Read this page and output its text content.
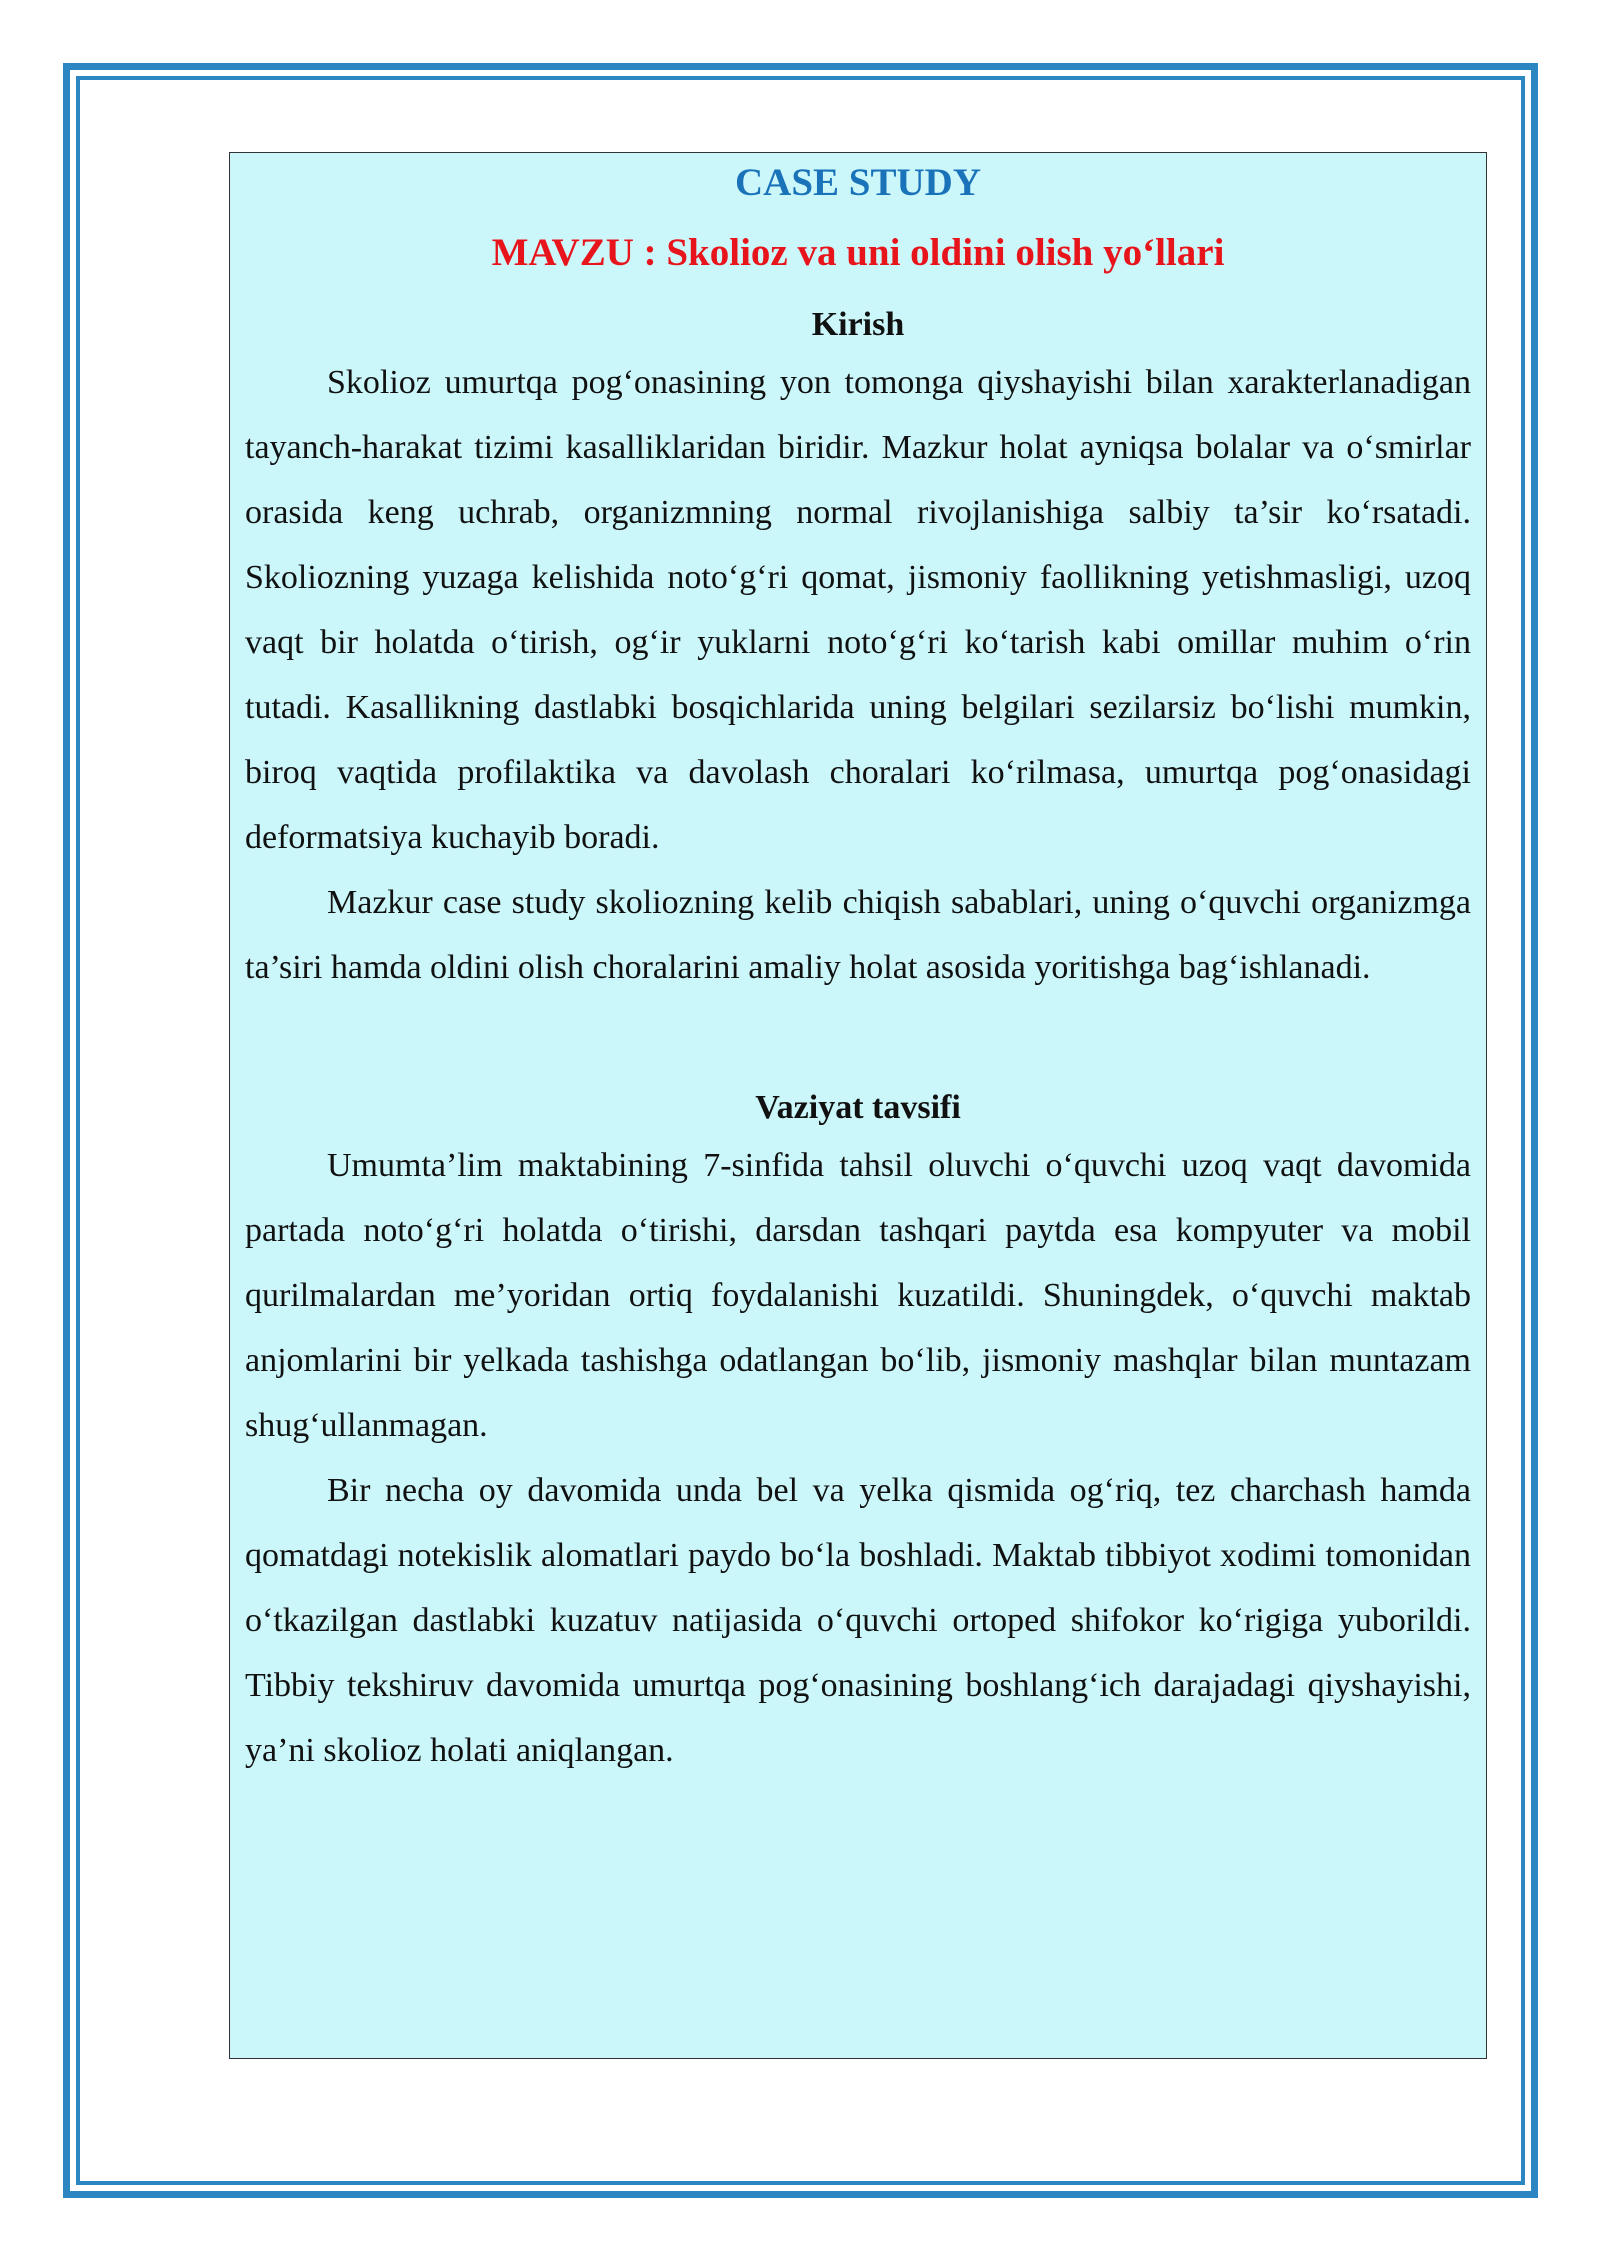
CASE STUDY
MAVZU : Skolioz va uni oldini olish yo‘llari
Kirish

Skolioz umurtqa pog‘onasining yon tomonga qiyshayishi bilan xarakterlanadigan tayanch-harakat tizimi kasalliklaridan biridir. Mazkur holat ayniqsa bolalar va o‘smirlar orasida keng uchrab, organizmning normal rivojlanishiga salbiy ta’sir ko‘rsatadi. Skoliozning yuzaga kelishida noto‘g‘ri qomat, jismoniy faollikning yetishmasligi, uzoq vaqt bir holatda o‘tirish, og‘ir yuklarni noto‘g‘ri ko‘tarish kabi omillar muhim o‘rin tutadi. Kasallikning dastlabki bosqichlarida uning belgilari sezilarsiz bo‘lishi mumkin, biroq vaqtida profilaktika va davolash choralari ko‘rilmasa, umurtqa pog‘onasidagi deformatsiya kuchayib boradi.

Mazkur case study skoliozning kelib chiqish sabablari, uning o‘quvchi organizmga ta’siri hamda oldini olish choralarini amaliy holat asosida yoritishga bag‘ishlanadi.

Vaziyat tavsifi

Umumta’lim maktabining 7-sinfida tahsil oluvchi o‘quvchi uzoq vaqt davomida partada noto‘g‘ri holatda o‘tirishi, darsdan tashqari paytda esa kompyuter va mobil qurilmalardan me’yoridan ortiq foydalanishi kuzatildi. Shuningdek, o‘quvchi maktab anjomlarini bir yelkada tashishga odatlangan bo‘lib, jismoniy mashqlar bilan muntazam shug‘ullanmagan.

Bir necha oy davomida unda bel va yelka qismida og‘riq, tez charchash hamda qomatdagi notekislik alomatlari paydo bo‘la boshladi. Maktab tibbiyot xodimi tomonidan o‘tkazilgan dastlabki kuzatuv natijasida o‘quvchi ortoped shifokor ko‘rigiga yuborildi. Tibbiy tekshiruv davomida umurtqa pog‘onasining boshlang‘ich darajadagi qiyshayishi, ya’ni skolioz holati aniqlangan.
